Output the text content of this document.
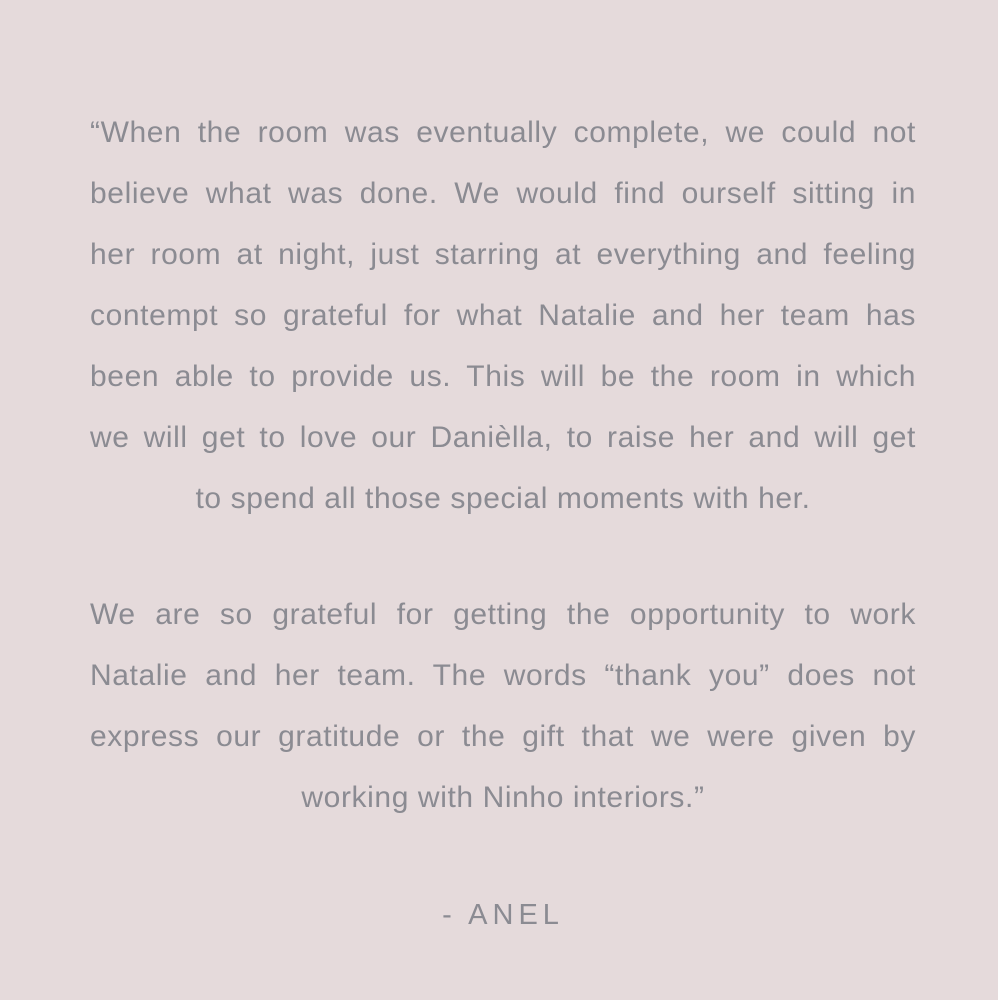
“When the room was eventually complete, we could not
believe what was done. We would find ourself sitting in
her room at night, just starring at everything and feeling
contempt so grateful for what Natalie and her team has
been able to provide us. This will be the room in which
we will get to love our Danièlla, to raise her and will get
to spend all those special moments with her.
We are so grateful for getting the opportunity to work
Natalie and her team. The words “thank you” does not
express our gratitude or the gift that we were given by
working with Ninho interiors.”
- ANEL
